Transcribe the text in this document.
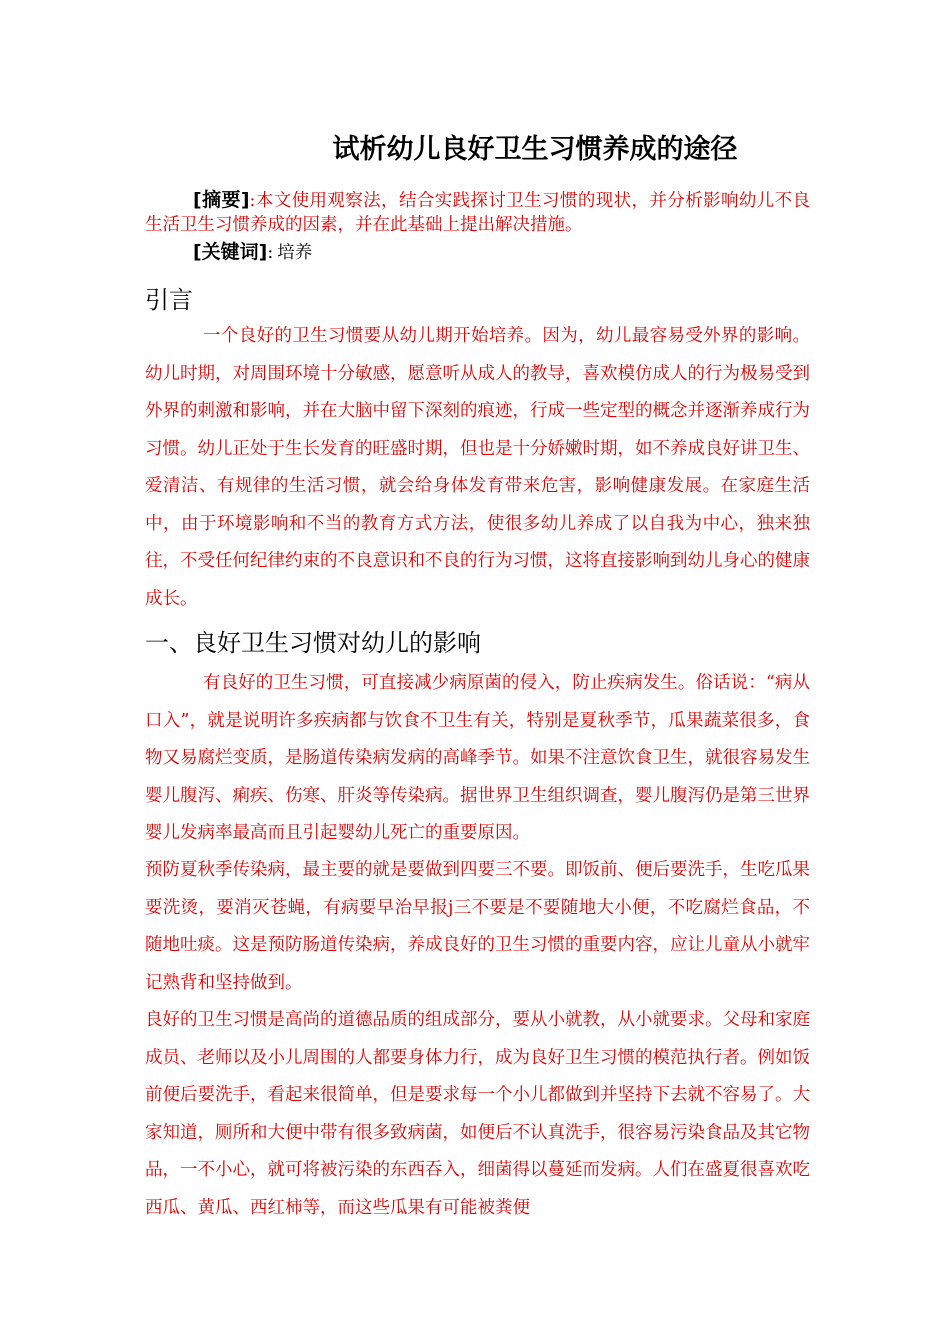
试析幼儿良好卫生习惯养成的途径
[摘要]:本文使用观察法，结合实践探讨卫生习惯的现状，并分析影响幼儿不良生活卫生习惯养成的因素，并在此基础上提出解决措施。
[关键词]: 培养
引言
一个良好的卫生习惯要从幼儿期开始培养。因为，幼儿最容易受外界的影响。幼儿时期，对周围环境十分敏感，愿意听从成人的教导，喜欢模仿成人的行为极易受到外界的刺激和影响，并在大脑中留下深刻的痕迹，行成一些定型的概念并逐渐养成行为习惯。幼儿正处于生长发育的旺盛时期，但也是十分娇嫩时期，如不养成良好讲卫生、爱清洁、有规律的生活习惯，就会给身体发育带来危害，影响健康发展。在家庭生活中，由于环境影响和不当的教育方式方法，使很多幼儿养成了以自我为中心，独来独往，不受任何纪律约束的不良意识和不良的行为习惯，这将直接影响到幼儿身心的健康成长。
一、良好卫生习惯对幼儿的影响
有良好的卫生习惯，可直接减少病原菌的侵入，防止疾病发生。俗话说：“病从口入”，就是说明许多疾病都与饮食不卫生有关，特别是夏秋季节，瓜果蔬菜很多，食物又易腐烂变质，是肠道传染病发病的高峰季节。如果不注意饮食卫生，就很容易发生婴儿腹泻、痢疾、伤寒、肝炎等传染病。据世界卫生组织调查，婴儿腹泻仍是第三世界婴儿发病率最高而且引起婴幼儿死亡的重要原因。
预防夏秋季传染病，最主要的就是要做到四要三不要。即饭前、便后要洗手，生吃瓜果要洗烫，要消灭苍蝇，有病要早治早报j三不要是不要随地大小便，不吃腐烂食品，不随地吐痰。这是预防肠道传染病，养成良好的卫生习惯的重要内容，应让儿童从小就牢记熟背和坚持做到。
良好的卫生习惯是高尚的道德品质的组成部分，要从小就教，从小就要求。父母和家庭成员、老师以及小儿周围的人都要身体力行，成为良好卫生习惯的模范执行者。例如饭前便后要洗手，看起来很简单，但是要求每一个小儿都做到并坚持下去就不容易了。大家知道，厕所和大便中带有很多致病菌，如便后不认真洗手，很容易污染食品及其它物品，一不小心，就可将被污染的东西吞入，细菌得以蔓延而发病。人们在盛夏很喜欢吃西瓜、黄瓜、西红柿等，而这些瓜果有可能被粪便
